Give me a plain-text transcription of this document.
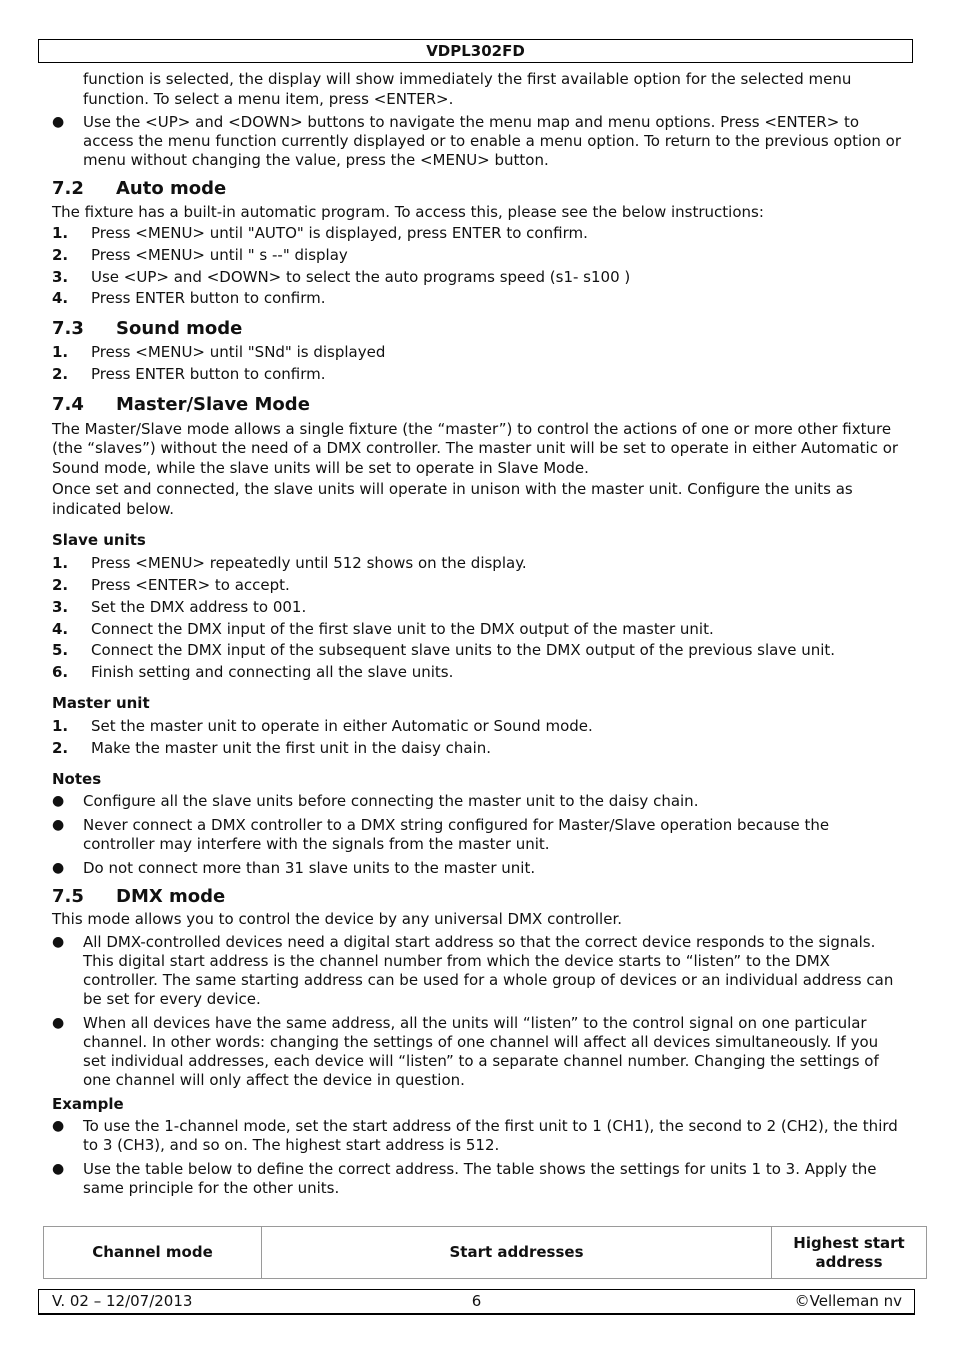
VDPL302FD

function is selected, the display will show immediately the first available option for the selected menu function. To select a menu item, press <ENTER>.

● Use the <UP> and <DOWN> buttons to navigate the menu map and menu options. Press <ENTER> to access the menu function currently displayed or to enable a menu option. To return to the previous option or menu without changing the value, press the <MENU> button.
7.2 Auto mode

The fixture has a built-in automatic program. To access this, please see the below instructions:

1. Press <MENU> until "AUTO" is displayed, press ENTER to confirm.
2. Press <MENU> until " s --" display
3. Use <UP> and <DOWN> to select the auto programs speed (s1- s100 )
4. Press ENTER button to confirm.
7.3 Sound mode
1. Press <MENU> until "SNd" is displayed
2. Press ENTER button to confirm.
7.4 Master/Slave Mode

The Master/Slave mode allows a single fixture (the “master”) to control the actions of one or more other fixture (the “slaves”) without the need of a DMX controller. The master unit will be set to operate in either Automatic or Sound mode, while the slave units will be set to operate in Slave Mode.

Once set and connected, the slave units will operate in unison with the master unit. Configure the units as indicated below.

Slave units
1. Press <MENU> repeatedly until 512 shows on the display.
2. Press <ENTER> to accept.
3. Set the DMX address to 001.
4. Connect the DMX input of the first slave unit to the DMX output of the master unit.
5. Connect the DMX input of the subsequent slave units to the DMX output of the previous slave unit.
6. Finish setting and connecting all the slave units.
Master unit
1. Set the master unit to operate in either Automatic or Sound mode.
2. Make the master unit the first unit in the daisy chain.
Notes
● Configure all the slave units before connecting the master unit to the daisy chain.
● Never connect a DMX controller to a DMX string configured for Master/Slave operation because the controller may interfere with the signals from the master unit.
● Do not connect more than 31 slave units to the master unit.
7.5 DMX mode

This mode allows you to control the device by any universal DMX controller.

● All DMX-controlled devices need a digital start address so that the correct device responds to the signals. This digital start address is the channel number from which the device starts to “listen” to the DMX controller. The same starting address can be used for a whole group of devices or an individual address can be set for every device.
● When all devices have the same address, all the units will “listen” to the control signal on one particular channel. In other words: changing the settings of one channel will affect all devices simultaneously. If you set individual addresses, each device will “listen” to a separate channel number. Changing the settings of one channel will only affect the device in question.
Example
● To use the 1-channel mode, set the start address of the first unit to 1 (CH1), the second to 2 (CH2), the third to 3 (CH3), and so on. The highest start address is 512.
● Use the table below to define the correct address. The table shows the settings for units 1 to 3. Apply the same principle for the other units.
Channel mode	Start addresses	Highest start address
V. 02 – 12/07/2013	6	©Velleman nv
